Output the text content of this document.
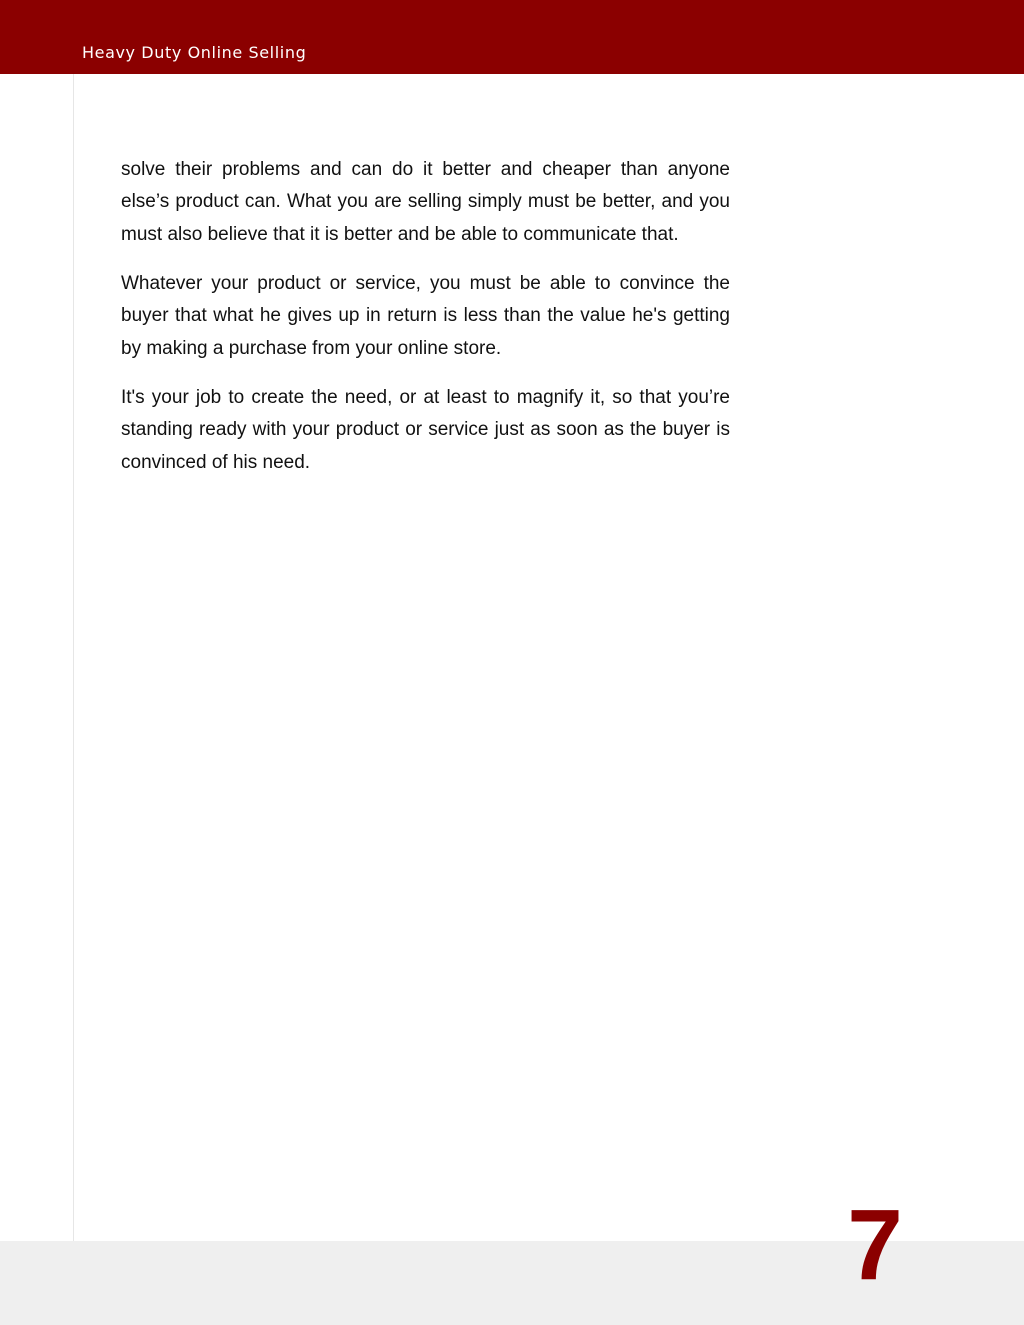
Heavy Duty Online Selling

solve their problems and can do it better and cheaper than anyone else’s product can. What you are selling simply must be better, and you must also believe that it is better and be able to communicate that.

Whatever your product or service, you must be able to convince the buyer that what he gives up in return is less than the value he's getting by making a purchase from your online store.

It's your job to create the need, or at least to magnify it, so that you’re standing ready with your product or service just as soon as the buyer is convinced of his need.

7
